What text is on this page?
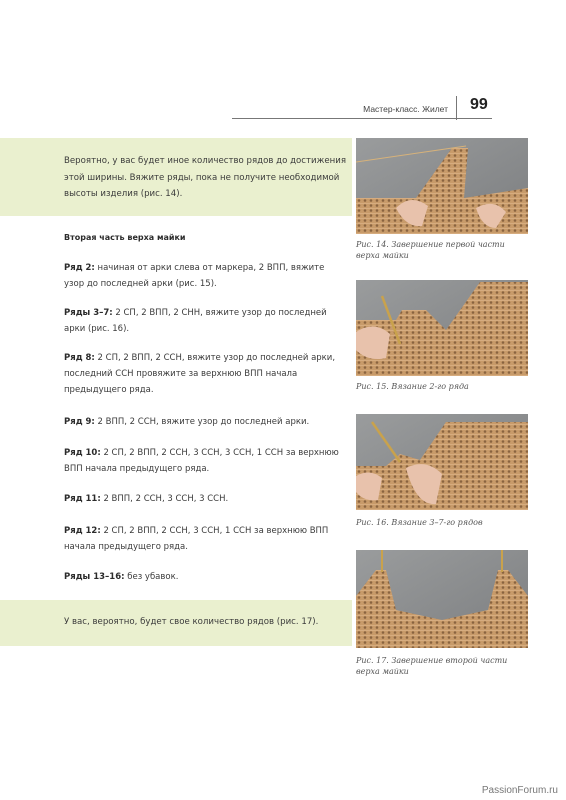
Мастер-класс. Жилет 99
Вероятно, у вас будет иное количество рядов до достижения этой ширины. Вяжите ряды, пока не получите необходимой высоты изделия (рис. 14).
Вторая часть верха майки
Ряд 2: начиная от арки слева от маркера, 2 ВПП, вяжите узор до последней арки (рис. 15).
Ряды 3–7: 2 СП, 2 ВПП, 2 СНН, вяжите узор до последней арки (рис. 16).
Ряд 8: 2 СП, 2 ВПП, 2 ССН, вяжите узор до последней арки, последний ССН провяжите за верхнюю ВПП начала предыдущего ряда.
Ряд 9: 2 ВПП, 2 ССН, вяжите узор до последней арки.
Ряд 10: 2 СП, 2 ВПП, 2 ССН, 3 ССН, 3 ССН, 1 ССН за верхнюю ВПП начала предыдущего ряда.
Ряд 11: 2 ВПП, 2 ССН, 3 ССН, 3 ССН.
Ряд 12: 2 СП, 2 ВПП, 2 ССН, 3 ССН, 1 ССН за верхнюю ВПП начала предыдущего ряда.
Ряды 13–16: без убавок.
У вас, вероятно, будет свое количество рядов (рис. 17).
Рис. 14. Завершение первой части верха майки
Рис. 15. Вязание 2-го ряда
Рис. 16. Вязание 3–7-го рядов
Рис. 17. Завершение второй части верха майки
PassionForum.ru
